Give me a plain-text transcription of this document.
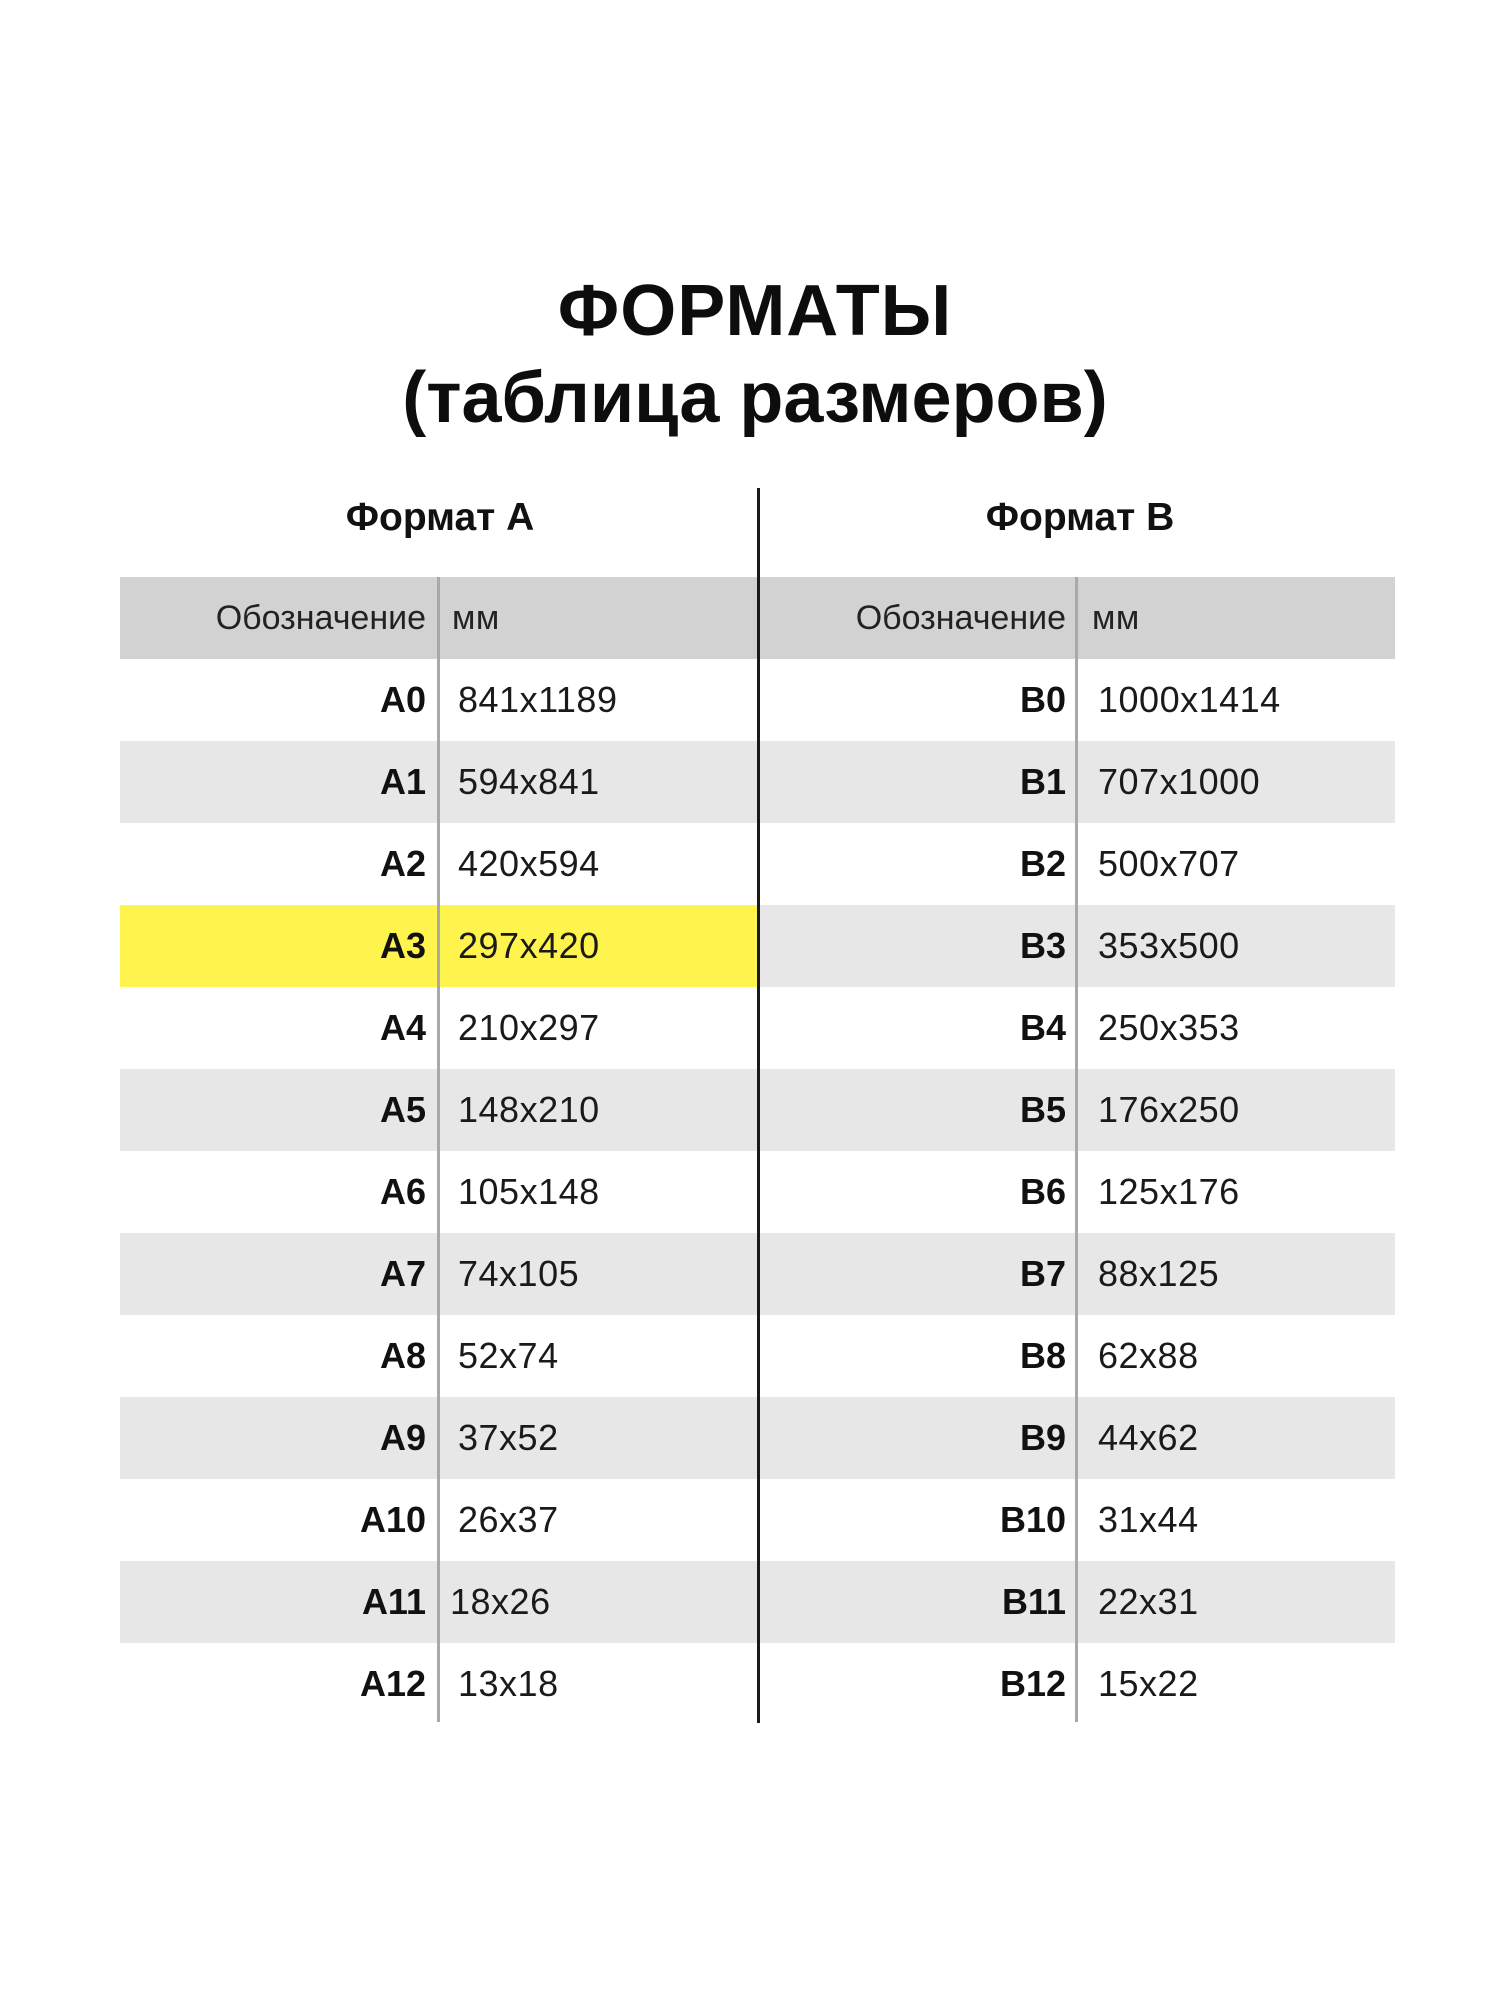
ФОРМАТЫ
(таблица размеров)
Формат А	Формат В
Обозначение мм
A0 841x1189
A1 594x841
A2 420x594
A3 297x420
A4 210x297
A5 148x210
A6 105x148
A7 74x105
A8 52x74
A9 37x52
A10 26x37
A11 18x26
A12 13x18
Обозначение мм
B0 1000x1414
B1 707x1000
B2 500x707
B3 353x500
B4 250x353
B5 176x250
B6 125x176
B7 88x125
B8 62x88
B9 44x62
B10 31x44
B11 22x31
B12 15x22
